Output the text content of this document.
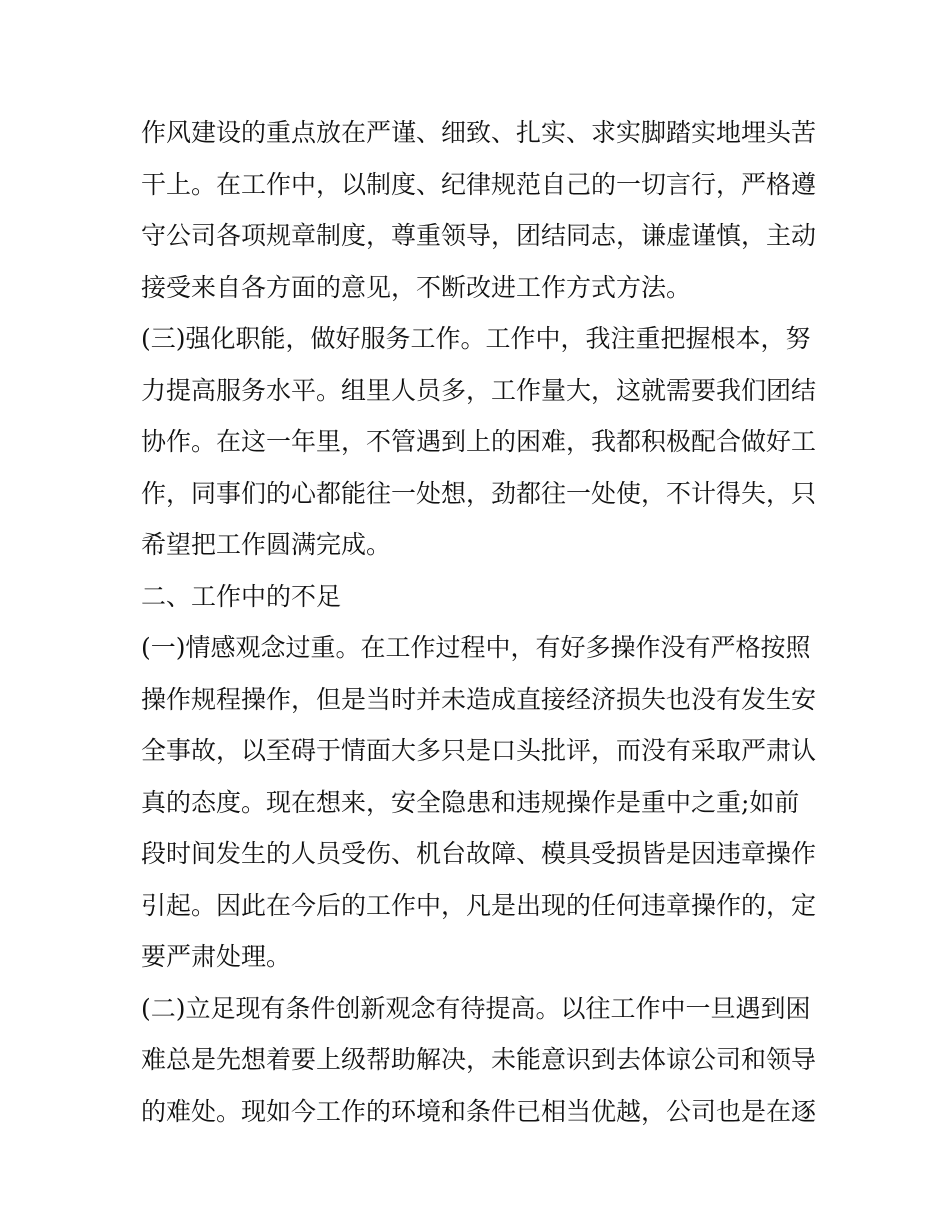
作风建设的重点放在严谨、细致、扎实、求实脚踏实地埋头苦
干上。在工作中，以制度、纪律规范自己的一切言行，严格遵
守公司各项规章制度，尊重领导，团结同志，谦虚谨慎，主动
接受来自各方面的意见，不断改进工作方式方法。
(三)强化职能，做好服务工作。工作中，我注重把握根本，努
力提高服务水平。组里人员多，工作量大，这就需要我们团结
协作。在这一年里，不管遇到上的困难，我都积极配合做好工
作，同事们的心都能往一处想，劲都往一处使，不计得失，只
希望把工作圆满完成。
二、工作中的不足
(一)情感观念过重。在工作过程中，有好多操作没有严格按照
操作规程操作，但是当时并未造成直接经济损失也没有发生安
全事故，以至碍于情面大多只是口头批评，而没有采取严肃认
真的态度。现在想来，安全隐患和违规操作是重中之重;如前
段时间发生的人员受伤、机台故障、模具受损皆是因违章操作
引起。因此在今后的工作中，凡是出现的任何违章操作的，定
要严肃处理。
(二)立足现有条件创新观念有待提高。以往工作中一旦遇到困
难总是先想着要上级帮助解决，未能意识到去体谅公司和领导
的难处。现如今工作的环境和条件已相当优越，公司也是在逐
